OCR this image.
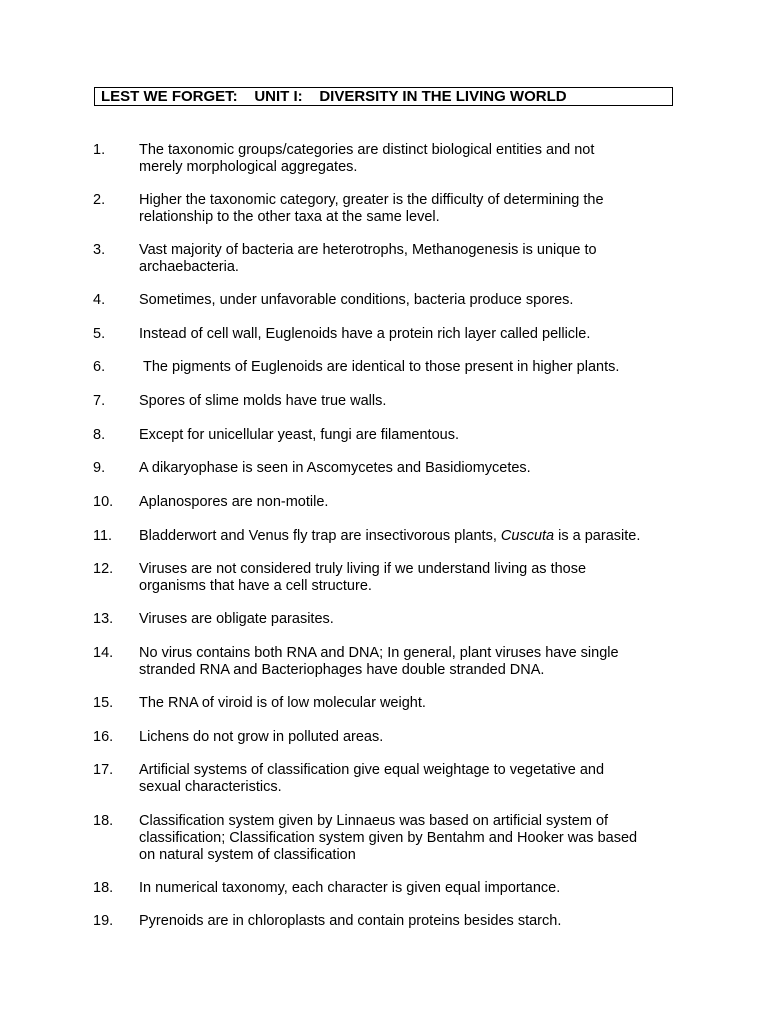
LEST WE FORGET:    UNIT I:    DIVERSITY IN THE LIVING WORLD
1. The taxonomic groups/categories are distinct biological entities and not
merely morphological aggregates.
2. Higher the taxonomic category, greater is the difficulty of determining the
relationship to the other taxa at the same level.
3. Vast majority of bacteria are heterotrophs, Methanogenesis is unique to
archaebacteria.
4. Sometimes, under unfavorable conditions, bacteria produce spores.
5. Instead of cell wall, Euglenoids have a protein rich layer called pellicle.
6.	The pigments of Euglenoids are identical to those present in higher plants.
7. Spores of slime molds have true walls.
8. Except for unicellular yeast, fungi are filamentous.
9. A dikaryophase is seen in Ascomycetes and Basidiomycetes.
10. Aplanospores are non-motile.
11. Bladderwort and Venus fly trap are insectivorous plants, Cuscuta is a parasite.
12. Viruses are not considered truly living if we understand living as those
organisms that have a cell structure.
13. Viruses are obligate parasites.
14. No virus contains both RNA and DNA; In general, plant viruses have single
stranded RNA and Bacteriophages have double stranded DNA.
15. The RNA of viroid is of low molecular weight.
16. Lichens do not grow in polluted areas.
17. Artificial systems of classification give equal weightage to vegetative and
sexual characteristics.
18. Classification system given by Linnaeus was based on artificial system of
classification; Classification system given by Bentahm and Hooker was based
on natural system of classification
18. In numerical taxonomy, each character is given equal importance.
19. Pyrenoids are in chloroplasts and contain proteins besides starch.
